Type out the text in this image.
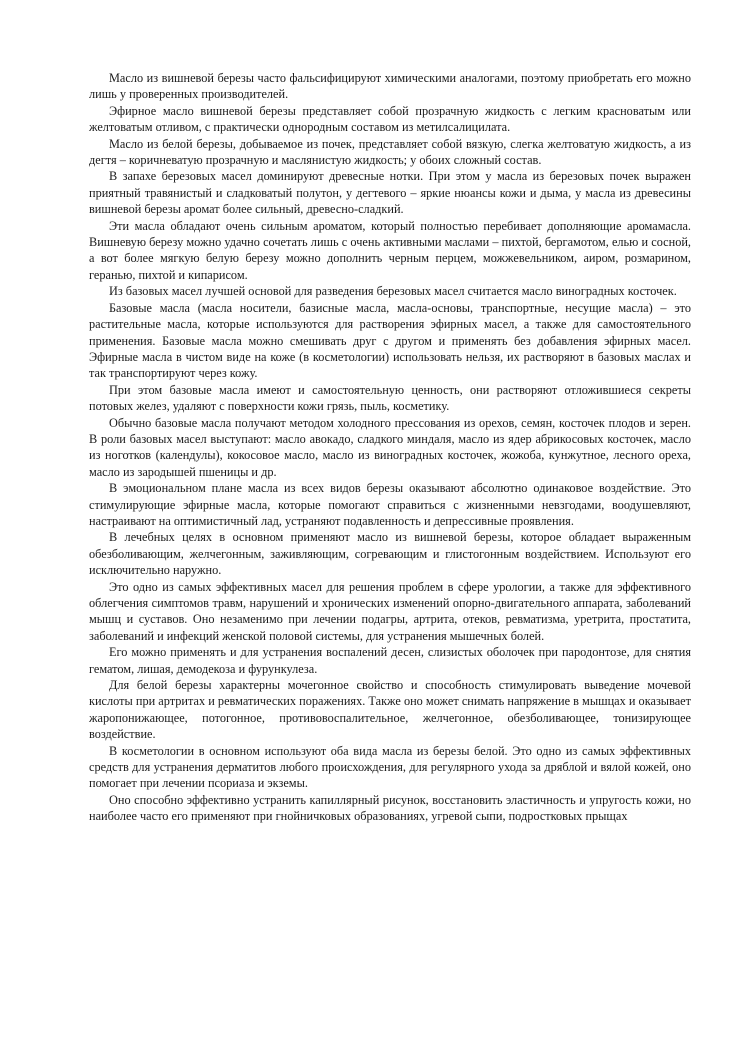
Масло из вишневой березы часто фальсифицируют химическими аналогами, поэтому приобретать его можно лишь у проверенных производителей.

Эфирное масло вишневой березы представляет собой прозрачную жидкость с легким красноватым или желтоватым отливом, с практически однородным составом из метилсалицилата.

Масло из белой березы, добываемое из почек, представляет собой вязкую, слегка желтоватую жидкость, а из дегтя – коричневатую прозрачную и маслянистую жидкость; у обоих сложный состав.

В запахе березовых масел доминируют древесные нотки. При этом у масла из березовых почек выражен приятный травянистый и сладковатый полутон, у дегтевого – яркие нюансы кожи и дыма, у масла из древесины вишневой березы аромат более сильный, древесно-сладкий.

Эти масла обладают очень сильным ароматом, который полностью перебивает дополняющие аромамасла. Вишневую березу можно удачно сочетать лишь с очень активными маслами – пихтой, бергамотом, елью и сосной, а вот более мягкую белую березу можно дополнить черным перцем, можжевельником, аиром, розмарином, геранью, пихтой и кипарисом.

Из базовых масел лучшей основой для разведения березовых масел считается масло виноградных косточек.

Базовые масла (масла носители, базисные масла, масла-основы, транспортные, несущие масла) – это растительные масла, которые используются для растворения эфирных масел, а также для самостоятельного применения. Базовые масла можно смешивать друг с другом и применять без добавления эфирных масел. Эфирные масла в чистом виде на коже (в косметологии) использовать нельзя, их растворяют в базовых маслах и так транспортируют через кожу.

При этом базовые масла имеют и самостоятельную ценность, они растворяют отложившиеся секреты потовых желез, удаляют с поверхности кожи грязь, пыль, косметику.

Обычно базовые масла получают методом холодного прессования из орехов, семян, косточек плодов и зерен. В роли базовых масел выступают: масло авокадо, сладкого миндаля, масло из ядер абрикосовых косточек, масло из ноготков (календулы), кокосовое масло, масло из виноградных косточек, жожоба, кунжутное, лесного ореха, масло из зародышей пшеницы и др.

В эмоциональном плане масла из всех видов березы оказывают абсолютно одинаковое воздействие. Это стимулирующие эфирные масла, которые помогают справиться с жизненными невзгодами, воодушевляют, настраивают на оптимистичный лад, устраняют подавленность и депрессивные проявления.

В лечебных целях в основном применяют масло из вишневой березы, которое обладает выраженным обезболивающим, желчегонным, заживляющим, согревающим и глистогонным воздействием. Используют его исключительно наружно.

Это одно из самых эффективных масел для решения проблем в сфере урологии, а также для эффективного облегчения симптомов травм, нарушений и хронических изменений опорно-двигательного аппарата, заболеваний мышц и суставов. Оно незаменимо при лечении подагры, артрита, отеков, ревматизма, уретрита, простатита, заболеваний и инфекций женской половой системы, для устранения мышечных болей.

Его можно применять и для устранения воспалений десен, слизистых оболочек при пародонтозе, для снятия гематом, лишая, демодекоза и фурункулеза.

Для белой березы характерны мочегонное свойство и способность стимулировать выведение мочевой кислоты при артритах и ревматических поражениях. Также оно может снимать напряжение в мышцах и оказывает жаропонижающее, потогонное, противовоспалительное, желчегонное, обезболивающее, тонизирующее воздействие.

В косметологии в основном используют оба вида масла из березы белой. Это одно из самых эффективных средств для устранения дерматитов любого происхождения, для регулярного ухода за дряблой и вялой кожей, оно помогает при лечении псориаза и экземы.

Оно способно эффективно устранить капиллярный рисунок, восстановить эластичность и упругость кожи, но наиболее часто его применяют при гнойничковых образованиях, угревой сыпи, подростковых прыщах
